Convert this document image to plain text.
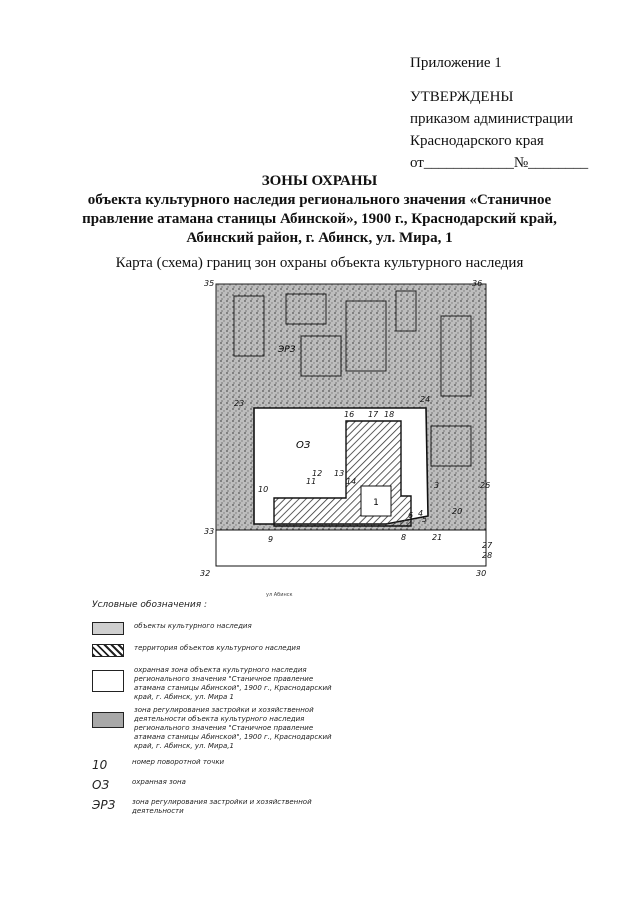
Приложение 1
УТВЕРЖДЕНЫ
приказом администрации
Краснодарского края
от____________№________
ЗОНЫ ОХРАНЫ
объекта культурного наследия регионального значения «Станичное
правление атамана станицы Абинской», 1900 г., Краснодарский край,
Абинский район, г. Абинск, ул. Мира, 1
Карта (схема) границ зон охраны объекта культурного наследия
1
ОЗ
ЭРЗ
35	36
23	24
16 17 18
3
4
5
6
8
9
10
11
12 13
14
20
21
26
27
28
30
32
33
ул Абинск
Условные обозначения :
объекты культурного наследия
территория объектов культурного наследия
охранная зона объекта культурного наследия регионального значения "Станичное правление атамана станицы Абинской", 1900 г., Краснодарский край, г. Абинск, ул. Мира 1
зона регулирования застройки и хозяйственной деятельности объекта культурного наследия регионального значения "Станичное правление атамана станицы Абинской", 1900 г., Краснодарский край, г. Абинск, ул. Мира,1
10	номер поворотной точки
ОЗ	охранная зона
ЭРЗ	зона регулирования застройки и хозяйственной деятельности
